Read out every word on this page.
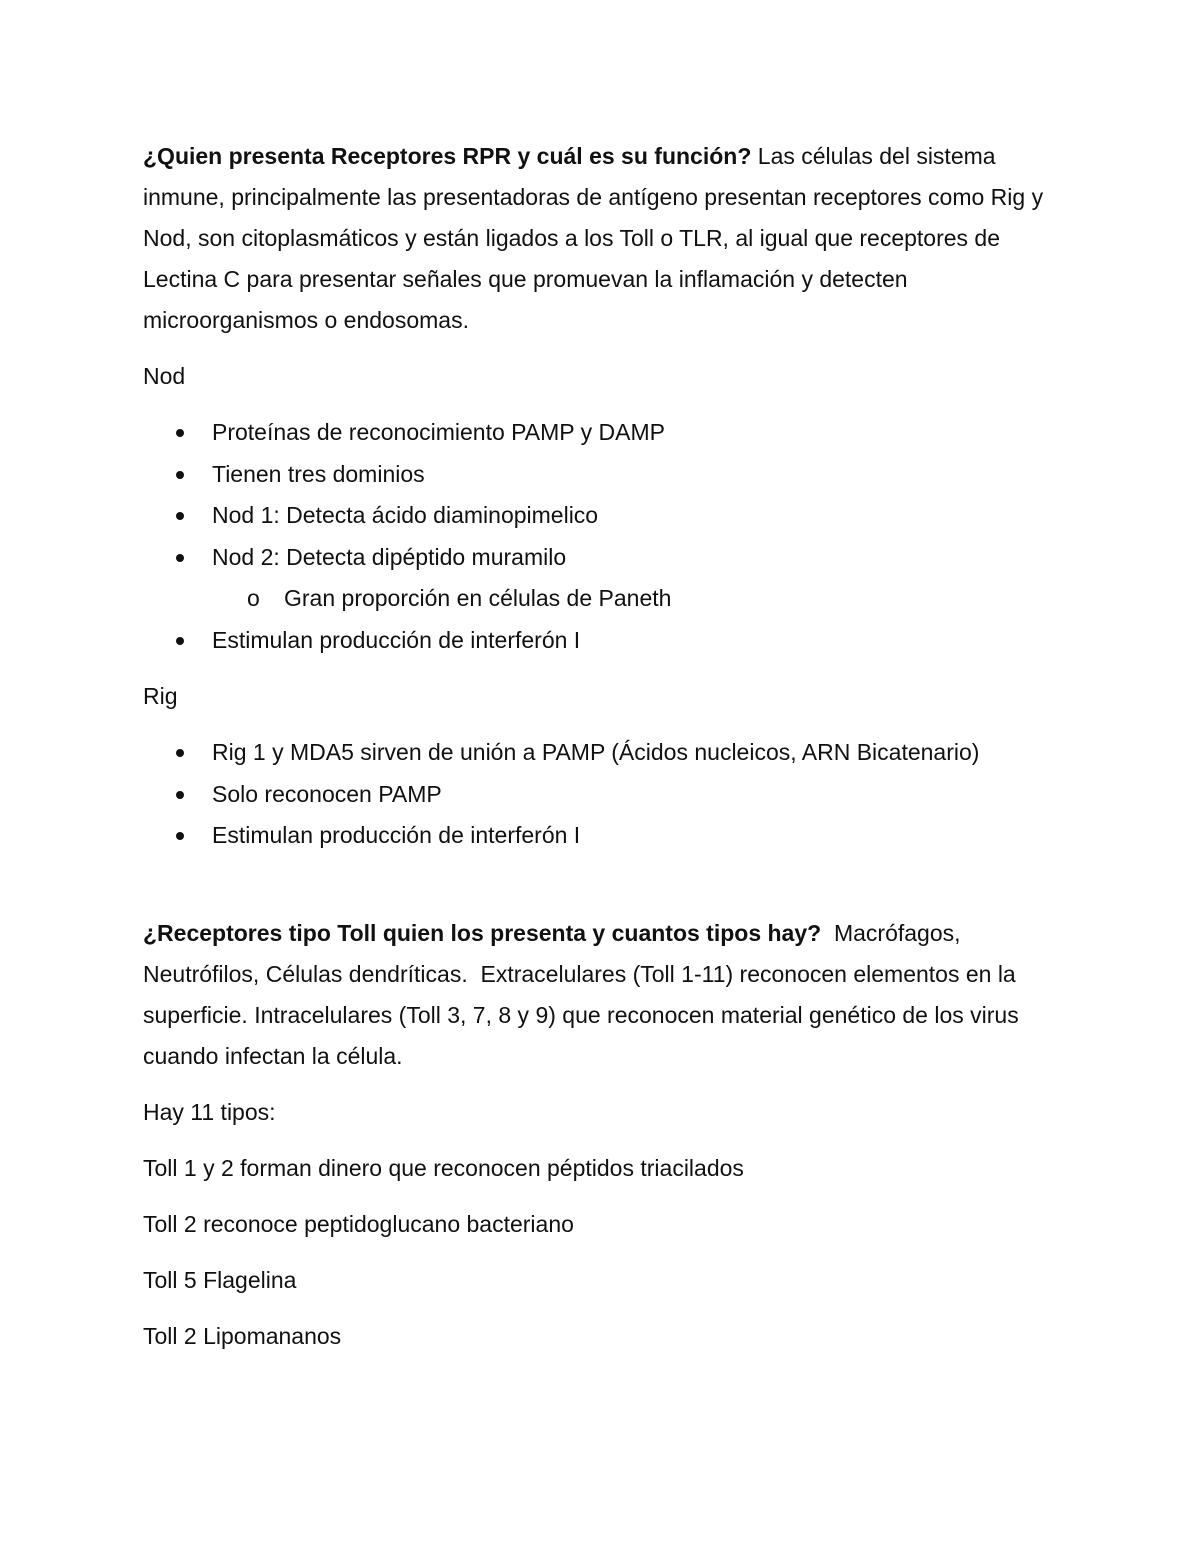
¿Quien presenta Receptores RPR y cuál es su función? Las células del sistema inmune, principalmente las presentadoras de antígeno presentan receptores como Rig y Nod, son citoplasmáticos y están ligados a los Toll o TLR, al igual que receptores de Lectina C para presentar señales que promuevan la inflamación y detecten microorganismos o endosomas.

Nod

Proteínas de reconocimiento PAMP y DAMP
Tienen tres dominios
Nod 1: Detecta ácido diaminopimelico
Nod 2: Detecta dipéptido muramilo
o Gran proporción en células de Paneth
Estimulan producción de interferón I

Rig

Rig 1 y MDA5 sirven de unión a PAMP (Ácidos nucleicos, ARN Bicatenario)
Solo reconocen PAMP
Estimulan producción de interferón I

¿Receptores tipo Toll quien los presenta y cuantos tipos hay?  Macrófagos, Neutrófilos, Células dendríticas.  Extracelulares (Toll 1-11) reconocen elementos en la superficie. Intracelulares (Toll 3, 7, 8 y 9) que reconocen material genético de los virus cuando infectan la célula.

Hay 11 tipos:

Toll 1 y 2 forman dinero que reconocen péptidos triacilados

Toll 2 reconoce peptidoglucano bacteriano

Toll 5 Flagelina

Toll 2 Lipomananos
